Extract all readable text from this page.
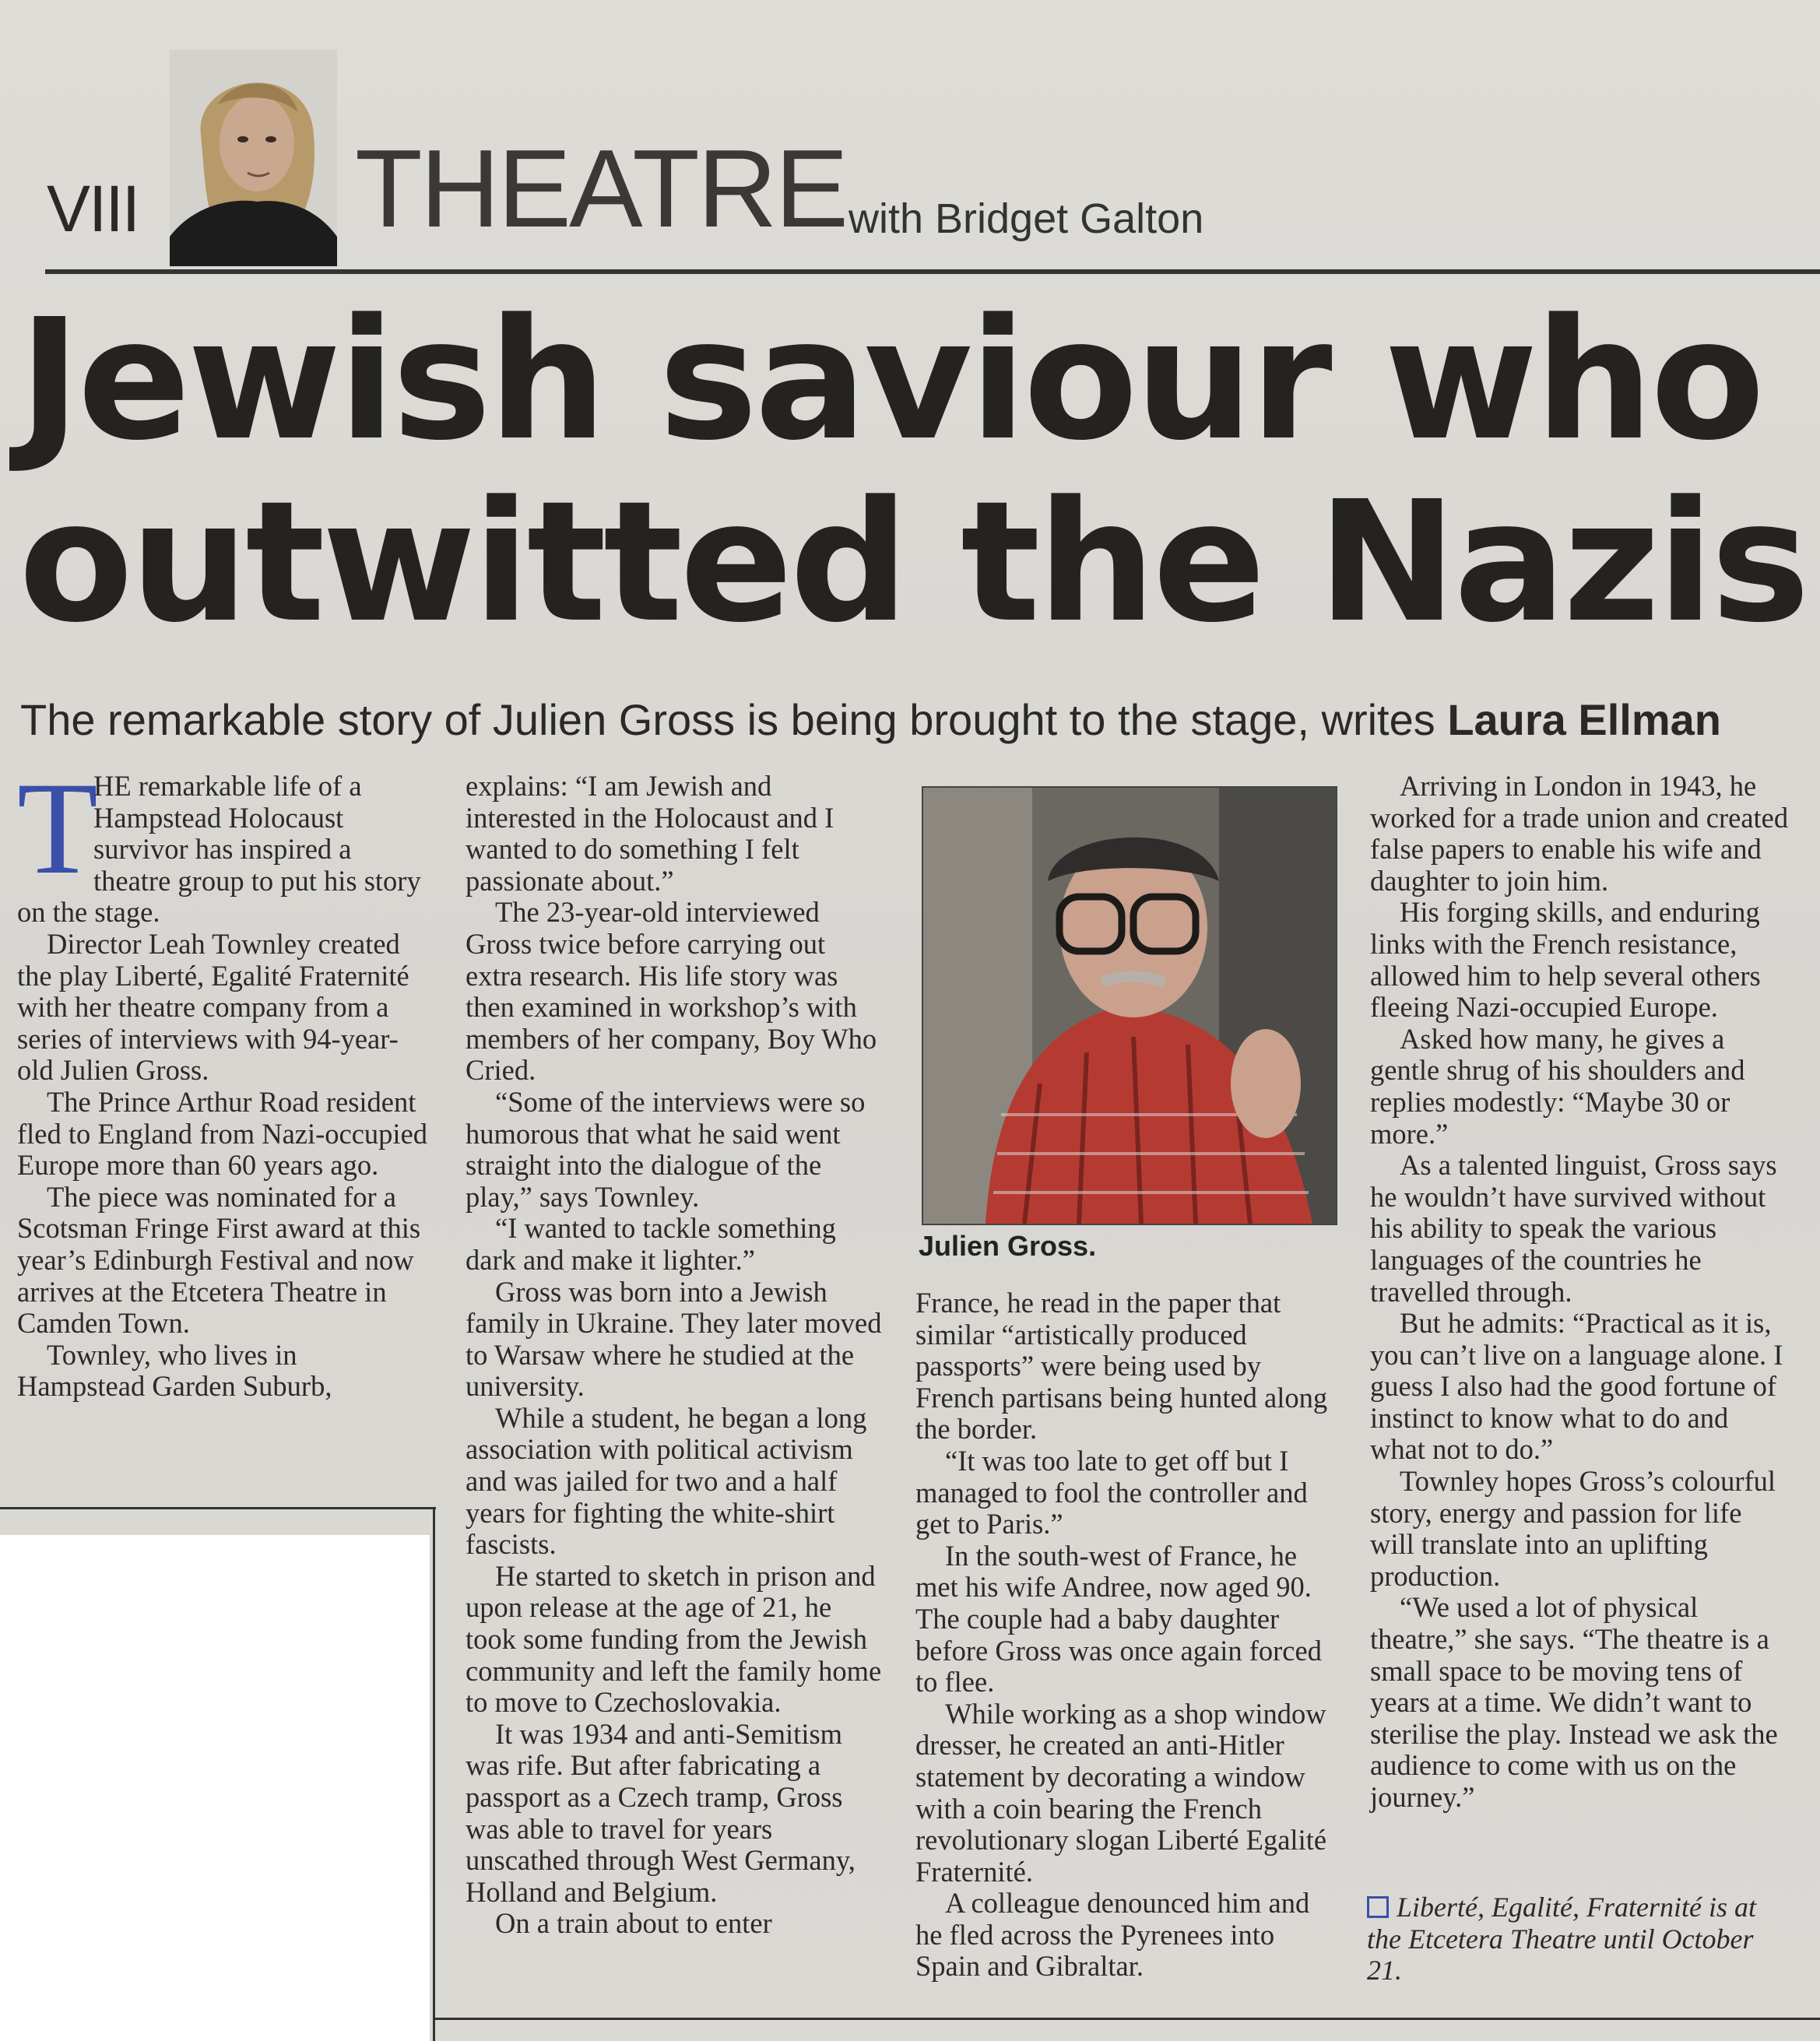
VIII THEATRE with Bridget Galton
Jewish saviour who
outwitted the Nazis
The remarkable story of Julien Gross is being brought to the stage, writes Laura Ellman
T

HE remarkable life of a Hampstead Holocaust survivor has inspired a theatre group to put his story on the stage.

Director Leah Townley created the play Liberté, Egalité Fraternité with her theatre company from a series of interviews with 94-year-old Julien Gross.

The Prince Arthur Road resident fled to England from Nazi-occupied Europe more than 60 years ago.

The piece was nominated for a Scotsman Fringe First award at this year’s Edinburgh Festival and now arrives at the Etcetera Theatre in Camden Town.

Townley, who lives in Hampstead Garden Suburb,

explains: “I am Jewish and interested in the Holocaust and I wanted to do something I felt passionate about.”

The 23-year-old interviewed Gross twice before carrying out extra research. His life story was then examined in workshop’s with members of her company, Boy Who Cried.

“Some of the interviews were so humorous that what he said went straight into the dialogue of the play,” says Townley.

“I wanted to tackle something dark and make it lighter.”

Gross was born into a Jewish family in Ukraine. They later moved to Warsaw where he studied at the university.

While a student, he began a long association with political activism and was jailed for two and a half years for fighting the white-shirt fascists.

He started to sketch in prison and upon release at the age of 21, he took some funding from the Jewish community and left the family home to move to Czechoslovakia.

It was 1934 and anti-Semitism was rife. But after fabricating a passport as a Czech tramp, Gross was able to travel for years unscathed through West Germany, Holland and Belgium.

On a train about to enter

Julien Gross.

France, he read in the paper that similar “artistically produced passports” were being used by French partisans being hunted along the border.

“It was too late to get off but I managed to fool the controller and get to Paris.”

In the south-west of France, he met his wife Andree, now aged 90. The couple had a baby daughter before Gross was once again forced to flee.

While working as a shop window dresser, he created an anti-Hitler statement by decorating a window with a coin bearing the French revolutionary slogan Liberté Egalité Fraternité.

A colleague denounced him and he fled across the Pyrenees into Spain and Gibraltar.

Arriving in London in 1943, he worked for a trade union and created false papers to enable his wife and daughter to join him.

His forging skills, and enduring links with the French resistance, allowed him to help several others fleeing Nazi-occupied Europe.

Asked how many, he gives a gentle shrug of his shoulders and replies modestly: “Maybe 30 or more.”

As a talented linguist, Gross says he wouldn’t have survived without his ability to speak the various languages of the countries he travelled through.

But he admits: “Practical as it is, you can’t live on a language alone. I guess I also had the good fortune of instinct to know what to do and what not to do.”

Townley hopes Gross’s colourful story, energy and passion for life will translate into an uplifting production.

“We used a lot of physical theatre,” she says. “The theatre is a small space to be moving tens of years at a time. We didn’t want to sterilise the play. Instead we ask the audience to come with us on the journey.”

Liberté, Egalité, Fraternité is at the Etcetera Theatre until October 21.
